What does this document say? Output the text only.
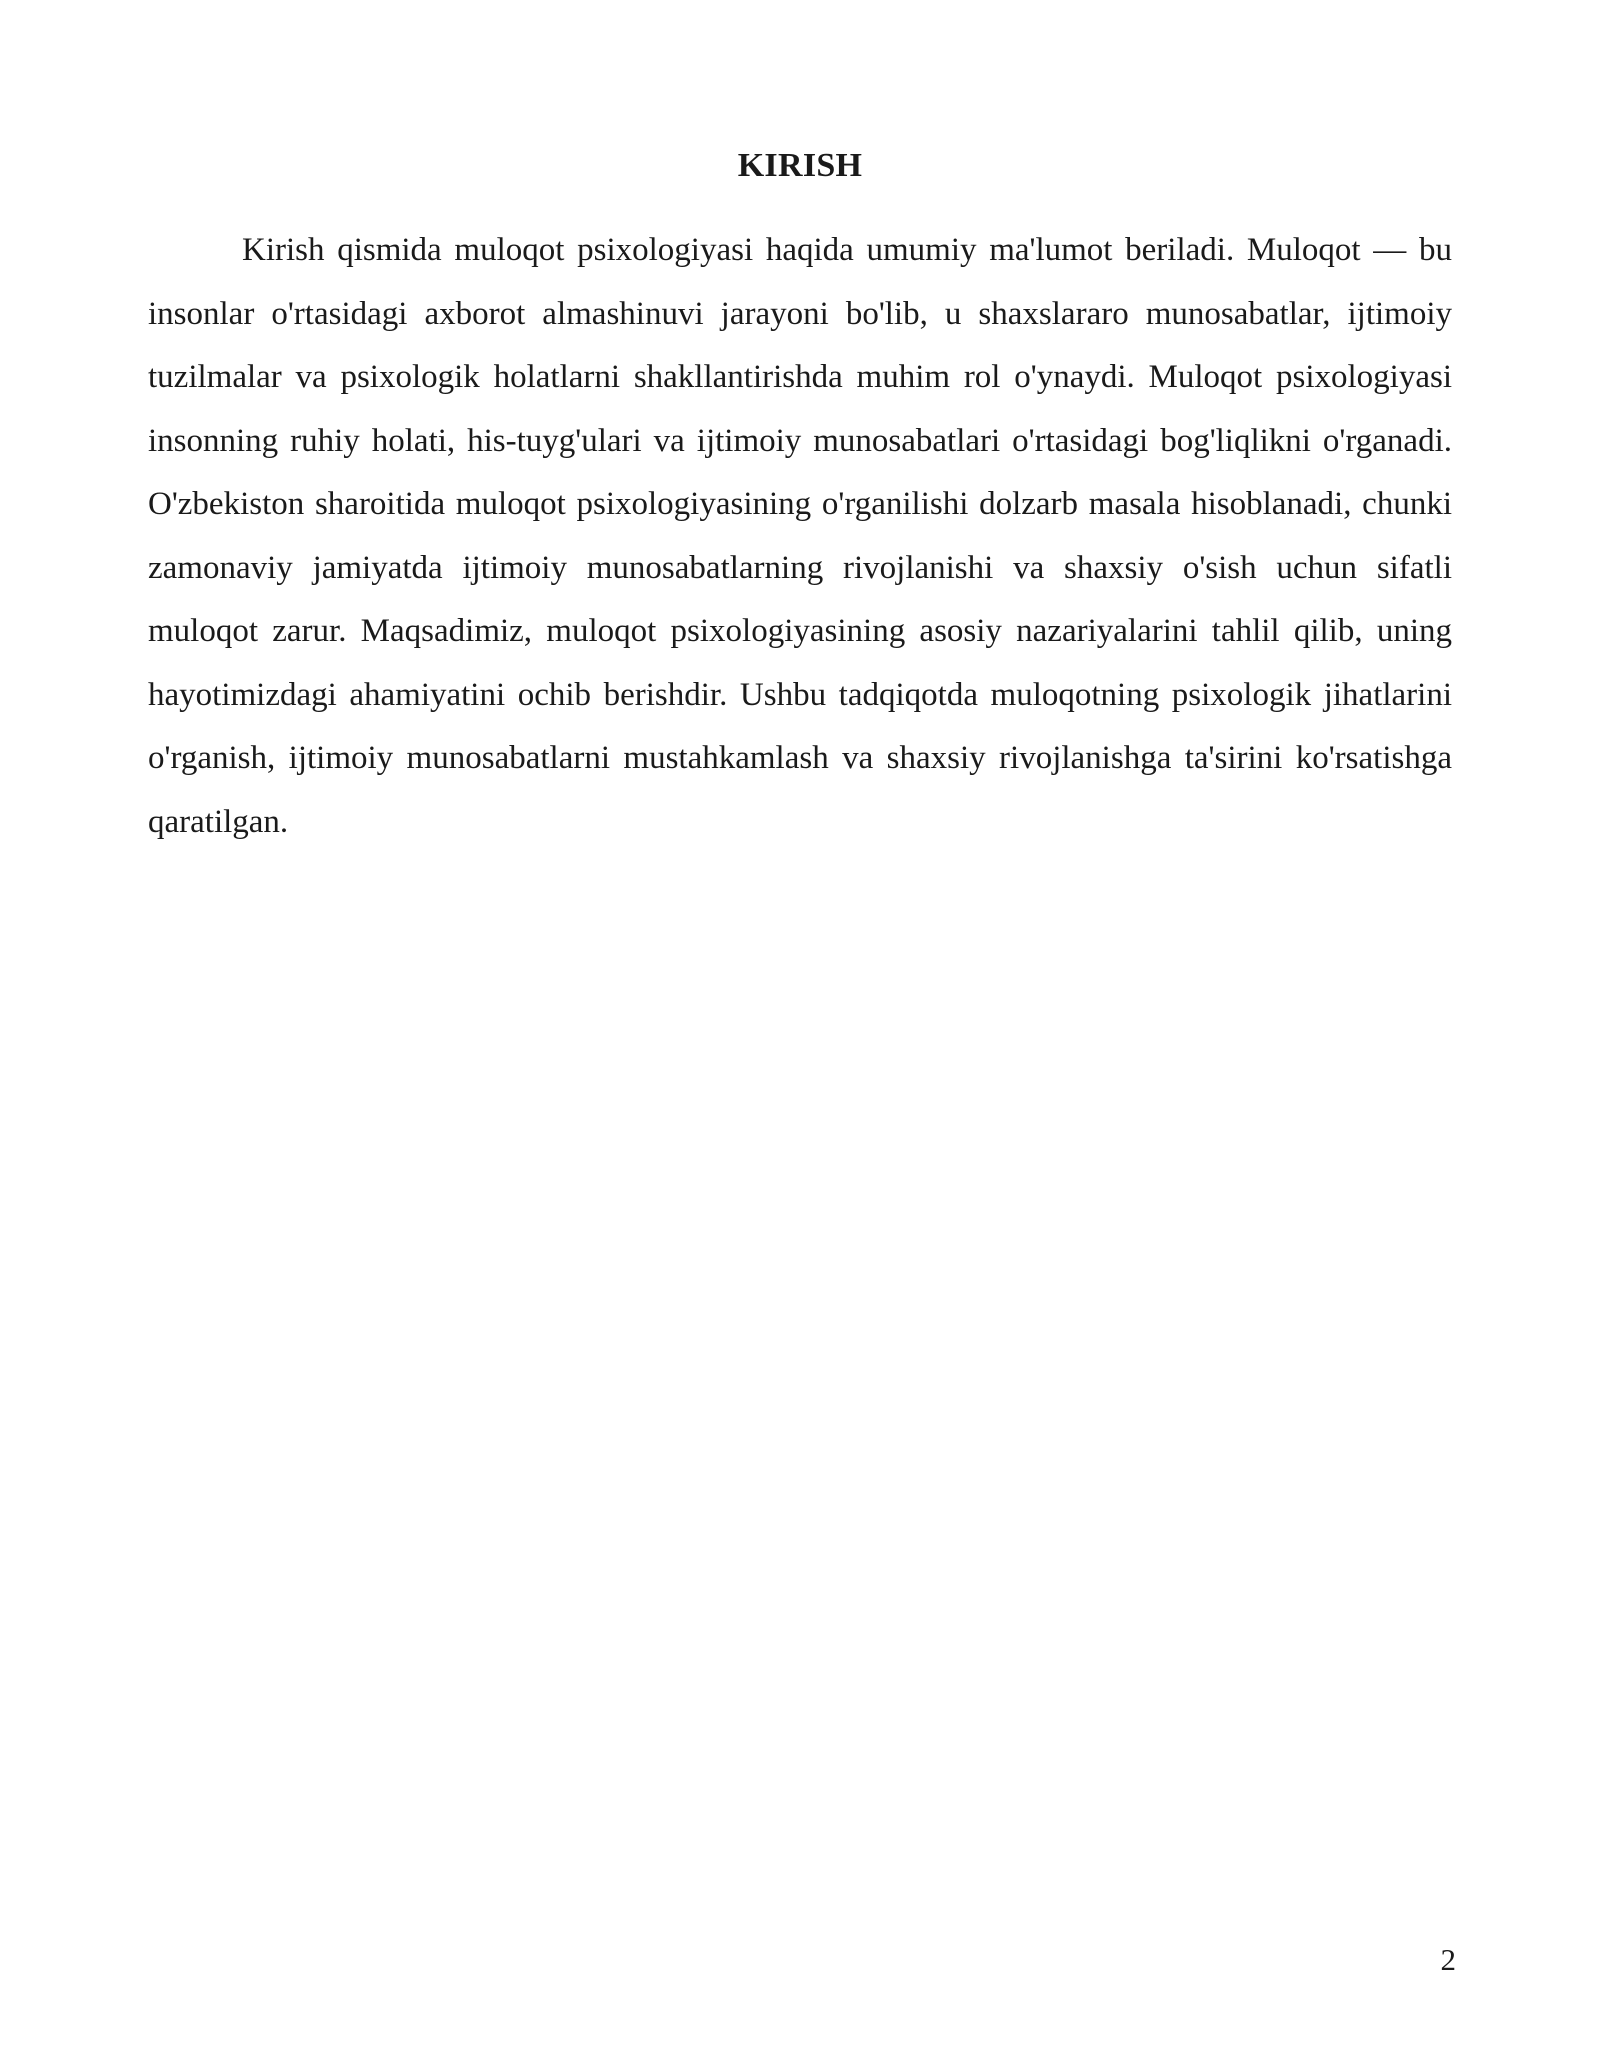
KIRISH

Kirish qismida muloqot psixologiyasi haqida umumiy ma'lumot beriladi. Muloqot — bu insonlar o'rtasidagi axborot almashinuvi jarayoni bo'lib, u shaxslararo munosabatlar, ijtimoiy tuzilmalar va psixologik holatlarni shakllantirishda muhim rol o'ynaydi. Muloqot psixologiyasi insonning ruhiy holati, his-tuyg'ulari va ijtimoiy munosabatlari o'rtasidagi bog'liqlikni o'rganadi. O'zbekiston sharoitida muloqot psixologiyasining o'rganilishi dolzarb masala hisoblanadi, chunki zamonaviy jamiyatda ijtimoiy munosabatlarning rivojlanishi va shaxsiy o'sish uchun sifatli muloqot zarur. Maqsadimiz, muloqot psixologiyasining asosiy nazariyalarini tahlil qilib, uning hayotimizdagi ahamiyatini ochib berishdir. Ushbu tadqiqotda muloqotning psixologik jihatlarini o'rganish, ijtimoiy munosabatlarni mustahkamlash va shaxsiy rivojlanishga ta'sirini ko'rsatishga qaratilgan.

2
